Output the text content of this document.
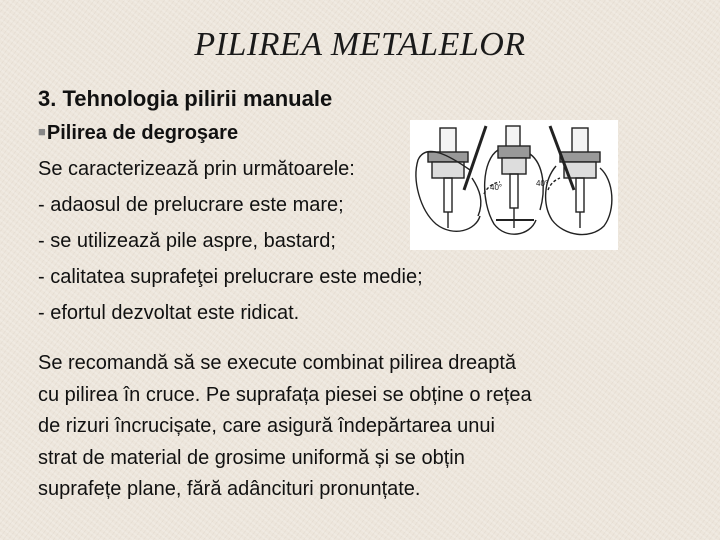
PILIREA METALELOR
3. Tehnologia pilirii manuale
■Pilirea de degroşare
Se caracterizează prin următoarele:
- adaosul de prelucrare este mare;
- se utilizează pile aspre, bastard;
- calitatea suprafeţei prelucrare este medie;
- efortul dezvoltat este ridicat.
Se recomandă să se execute combinat pilirea dreaptă
cu pilirea în cruce. Pe suprafața piesei se obține o rețea
de rizuri încrucișate, care asigură îndepărtarea unui
strat de material de grosime uniformă și se obțin
suprafețe plane, fără adâncituri pronunțate.
40°	40°
